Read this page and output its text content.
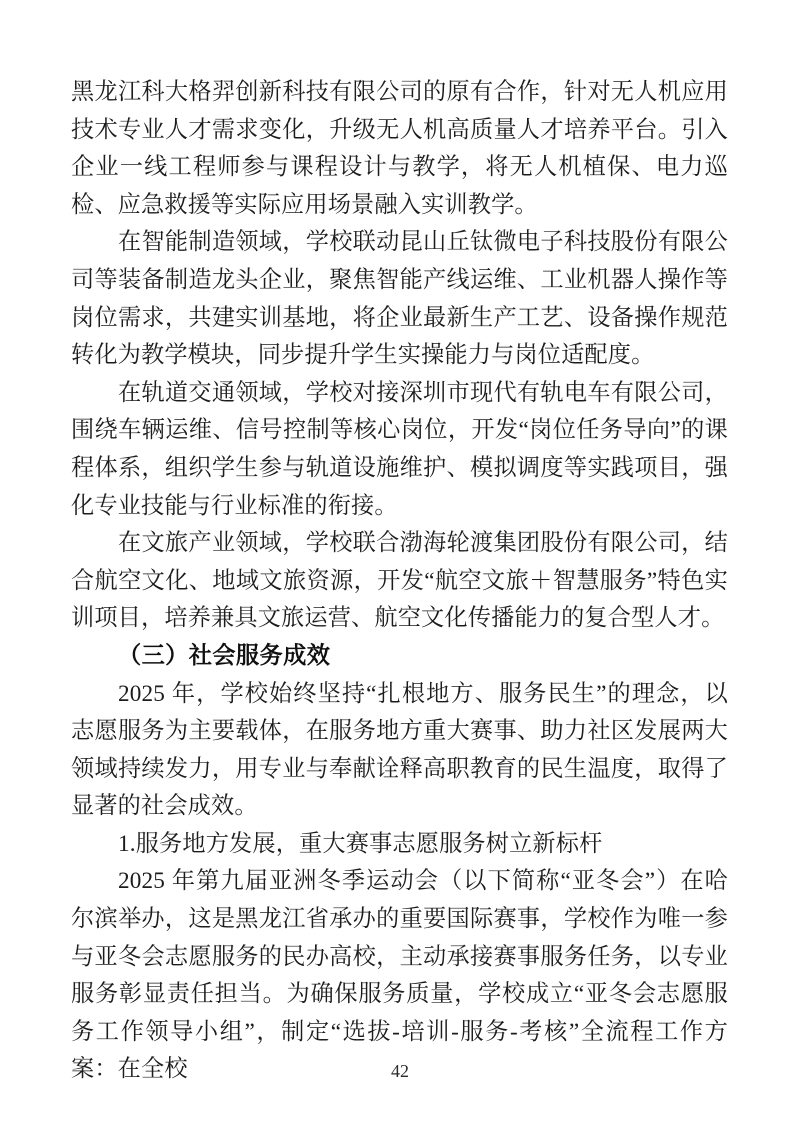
黑龙江科大格羿创新科技有限公司的原有合作，针对无人机应用技术专业人才需求变化，升级无人机高质量人才培养平台。引入企业一线工程师参与课程设计与教学，将无人机植保、电力巡检、应急救援等实际应用场景融入实训教学。

在智能制造领域，学校联动昆山丘钛微电子科技股份有限公司等装备制造龙头企业，聚焦智能产线运维、工业机器人操作等岗位需求，共建实训基地，将企业最新生产工艺、设备操作规范转化为教学模块，同步提升学生实操能力与岗位适配度。

在轨道交通领域，学校对接深圳市现代有轨电车有限公司，围绕车辆运维、信号控制等核心岗位，开发“岗位任务导向”的课程体系，组织学生参与轨道设施维护、模拟调度等实践项目，强化专业技能与行业标准的衔接。

在文旅产业领域，学校联合渤海轮渡集团股份有限公司，结合航空文化、地域文旅资源，开发“航空文旅＋智慧服务”特色实训项目，培养兼具文旅运营、航空文化传播能力的复合型人才。

（三）社会服务成效

2025 年，学校始终坚持“扎根地方、服务民生”的理念，以志愿服务为主要载体，在服务地方重大赛事、助力社区发展两大领域持续发力，用专业与奉献诠释高职教育的民生温度，取得了显著的社会成效。

1.服务地方发展，重大赛事志愿服务树立新标杆

2025 年第九届亚洲冬季运动会（以下简称“亚冬会”）在哈尔滨举办，这是黑龙江省承办的重要国际赛事，学校作为唯一参与亚冬会志愿服务的民办高校，主动承接赛事服务任务，以专业服务彰显责任担当。为确保服务质量，学校成立“亚冬会志愿服务工作领导小组”，制定“选拔-培训-服务-考核”全流程工作方案：在全校	42
